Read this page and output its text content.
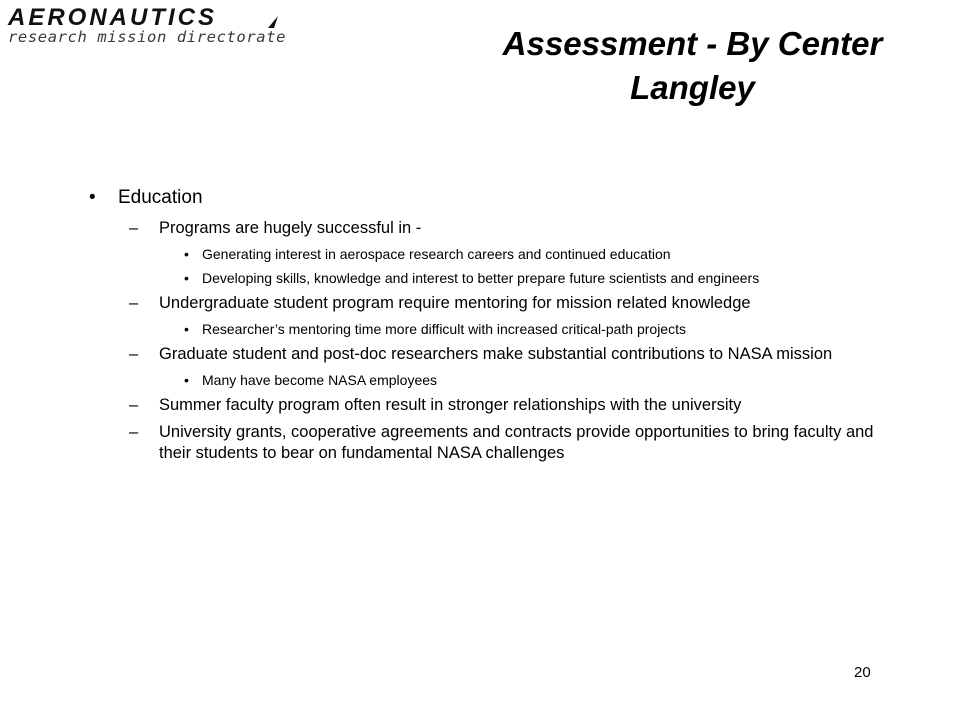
AERONAUTICS
research mission directorate	Assessment - By Center
Langley
• Education
– Programs are hugely successful in -
• Generating interest in aerospace research careers and continued education
• Developing skills, knowledge and interest to better prepare future scientists and engineers
– Undergraduate student program require mentoring for mission related knowledge
• Researcher’s mentoring time more difficult with increased critical-path projects
– Graduate student and post-doc researchers make substantial contributions to NASA mission
• Many have become NASA employees
– Summer faculty program often result in stronger relationships with the university
– University grants, cooperative agreements and contracts provide opportunities to bring faculty and their students to bear on fundamental NASA challenges
20
